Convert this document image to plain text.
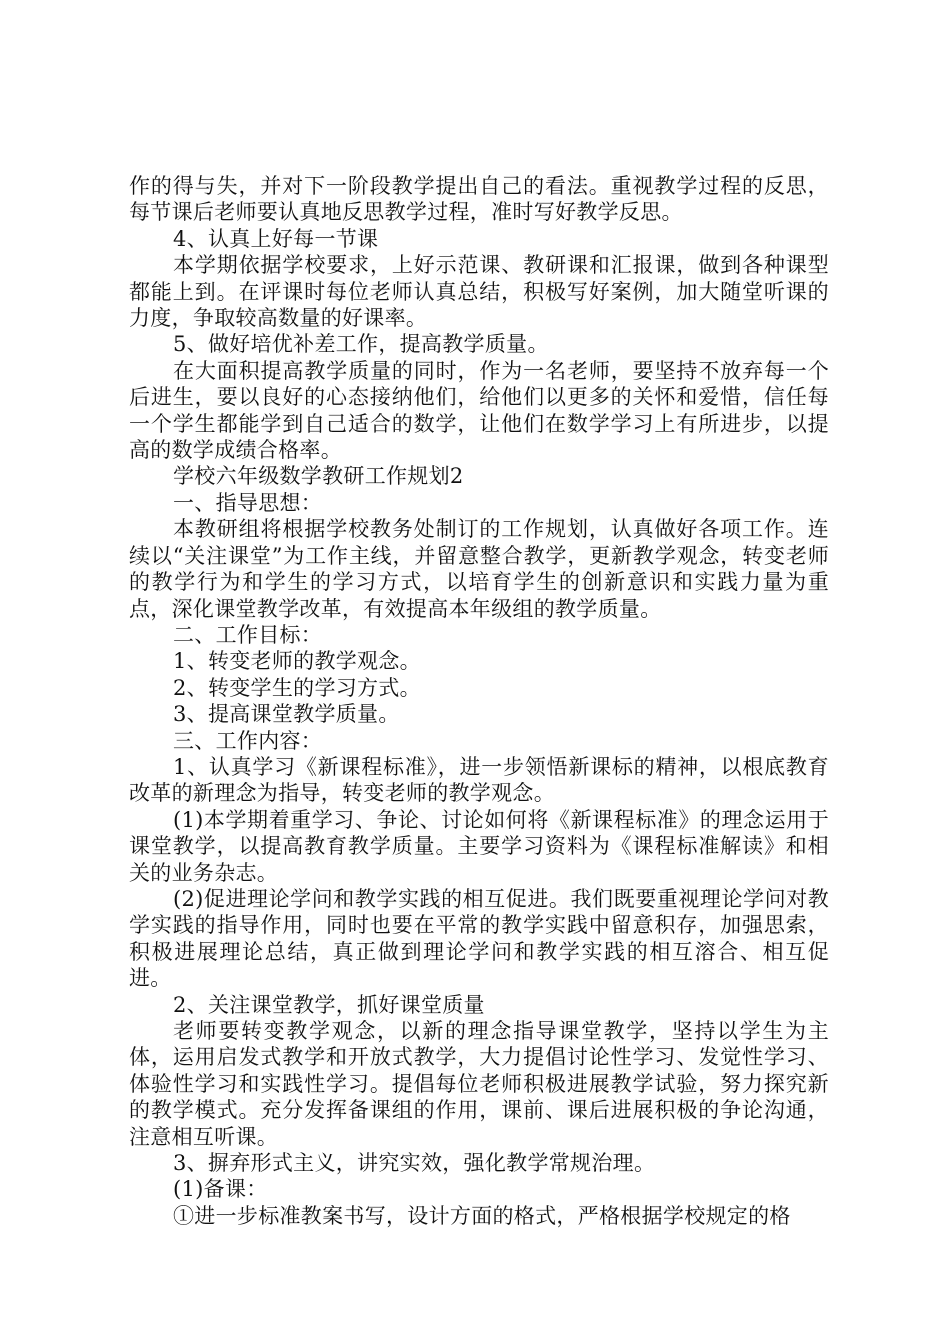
作的得与失，并对下一阶段教学提出自己的看法。重视教学过程的反思，每节课后老师要认真地反思教学过程，准时写好教学反思。

4、认真上好每一节课

本学期依据学校要求，上好示范课、教研课和汇报课，做到各种课型都能上到。在评课时每位老师认真总结，积极写好案例，加大随堂听课的力度，争取较高数量的好课率。

5、做好培优补差工作，提高教学质量。

在大面积提高教学质量的同时，作为一名老师，要坚持不放弃每一个后进生，要以良好的心态接纳他们，给他们以更多的关怀和爱惜，信任每一个学生都能学到自己适合的数学，让他们在数学学习上有所进步，以提高的数学成绩合格率。

学校六年级数学教研工作规划2

一、指导思想：

本教研组将根据学校教务处制订的工作规划，认真做好各项工作。连续以“关注课堂”为工作主线，并留意整合教学，更新教学观念，转变老师的教学行为和学生的学习方式，以培育学生的创新意识和实践力量为重点，深化课堂教学改革，有效提高本年级组的教学质量。

二、工作目标：

1、转变老师的教学观念。

2、转变学生的学习方式。

3、提高课堂教学质量。

三、工作内容：

1、认真学习《新课程标准》，进一步领悟新课标的精神，以根底教育改革的新理念为指导，转变老师的教学观念。

(1)本学期着重学习、争论、讨论如何将《新课程标准》的理念运用于课堂教学，以提高教育教学质量。主要学习资料为《课程标准解读》和相关的业务杂志。

(2)促进理论学问和教学实践的相互促进。我们既要重视理论学问对教学实践的指导作用，同时也要在平常的教学实践中留意积存，加强思索，积极进展理论总结，真正做到理论学问和教学实践的相互溶合、相互促进。

2、关注课堂教学，抓好课堂质量

老师要转变教学观念，以新的理念指导课堂教学，坚持以学生为主体，运用启发式教学和开放式教学，大力提倡讨论性学习、发觉性学习、体验性学习和实践性学习。提倡每位老师积极进展教学试验，努力探究新的教学模式。充分发挥备课组的作用，课前、课后进展积极的争论沟通，注意相互听课。

3、摒弃形式主义，讲究实效，强化教学常规治理。

(1)备课：

①进一步标准教案书写，设计方面的格式，严格根据学校规定的格
